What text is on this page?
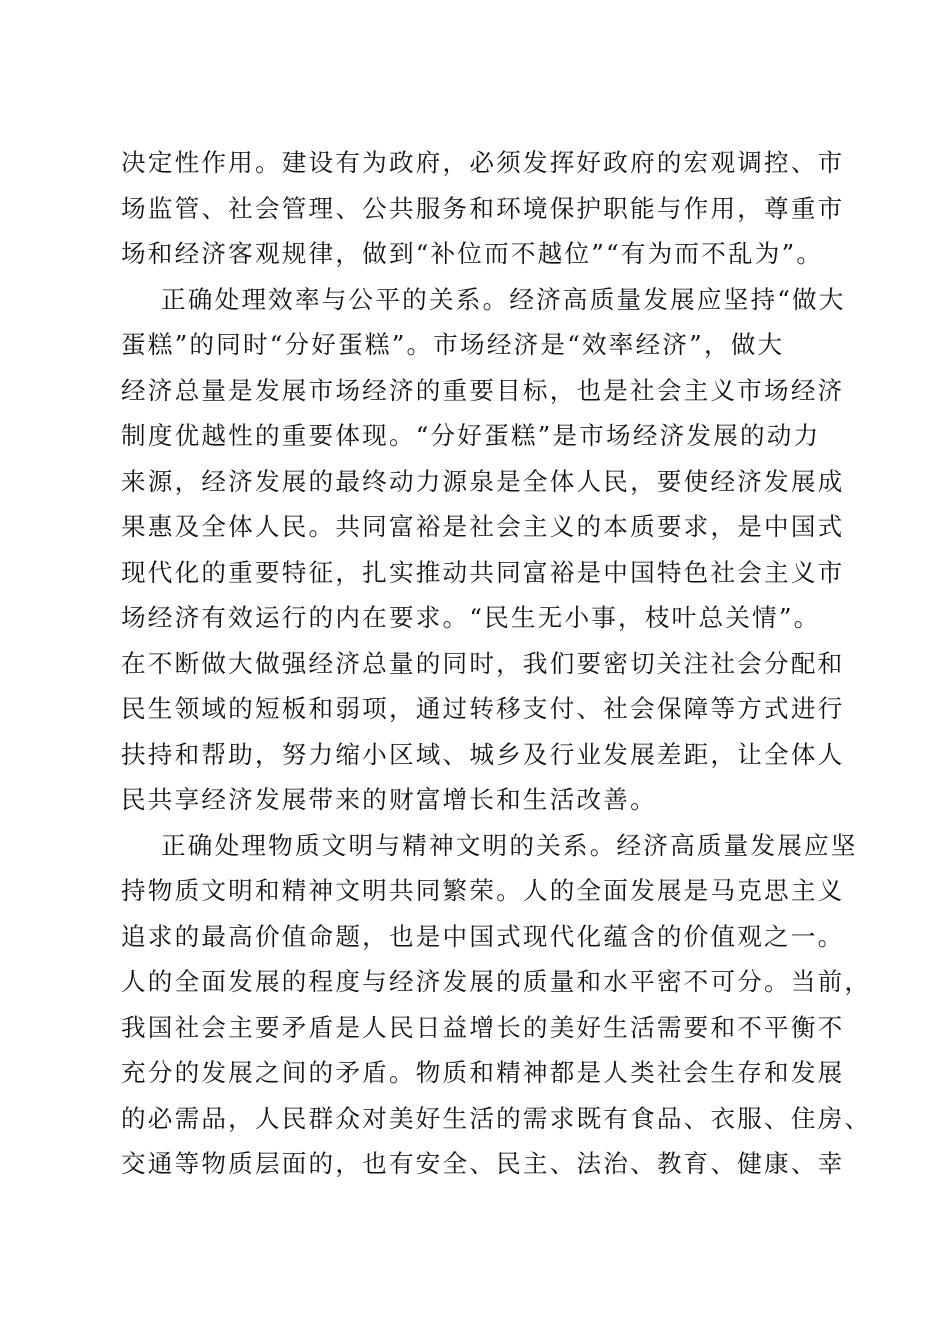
决定性作用。建设有为政府，必须发挥好政府的宏观调控、市
场监管、社会管理、公共服务和环境保护职能与作用，尊重市
场和经济客观规律，做到“补位而不越位”“有为而不乱为”。
正确处理效率与公平的关系。经济高质量发展应坚持“做大
蛋糕”的同时“分好蛋糕”。市场经济是“效率经济”，做大
经济总量是发展市场经济的重要目标，也是社会主义市场经济
制度优越性的重要体现。“分好蛋糕”是市场经济发展的动力
来源，经济发展的最终动力源泉是全体人民，要使经济发展成
果惠及全体人民。共同富裕是社会主义的本质要求，是中国式
现代化的重要特征，扎实推动共同富裕是中国特色社会主义市
场经济有效运行的内在要求。“民生无小事，枝叶总关情”。
在不断做大做强经济总量的同时，我们要密切关注社会分配和
民生领域的短板和弱项，通过转移支付、社会保障等方式进行
扶持和帮助，努力缩小区域、城乡及行业发展差距，让全体人
民共享经济发展带来的财富增长和生活改善。
正确处理物质文明与精神文明的关系。经济高质量发展应坚
持物质文明和精神文明共同繁荣。人的全面发展是马克思主义
追求的最高价值命题，也是中国式现代化蕴含的价值观之一。
人的全面发展的程度与经济发展的质量和水平密不可分。当前，
我国社会主要矛盾是人民日益增长的美好生活需要和不平衡不
充分的发展之间的矛盾。物质和精神都是人类社会生存和发展
的必需品，人民群众对美好生活的需求既有食品、衣服、住房、
交通等物质层面的，也有安全、民主、法治、教育、健康、幸
